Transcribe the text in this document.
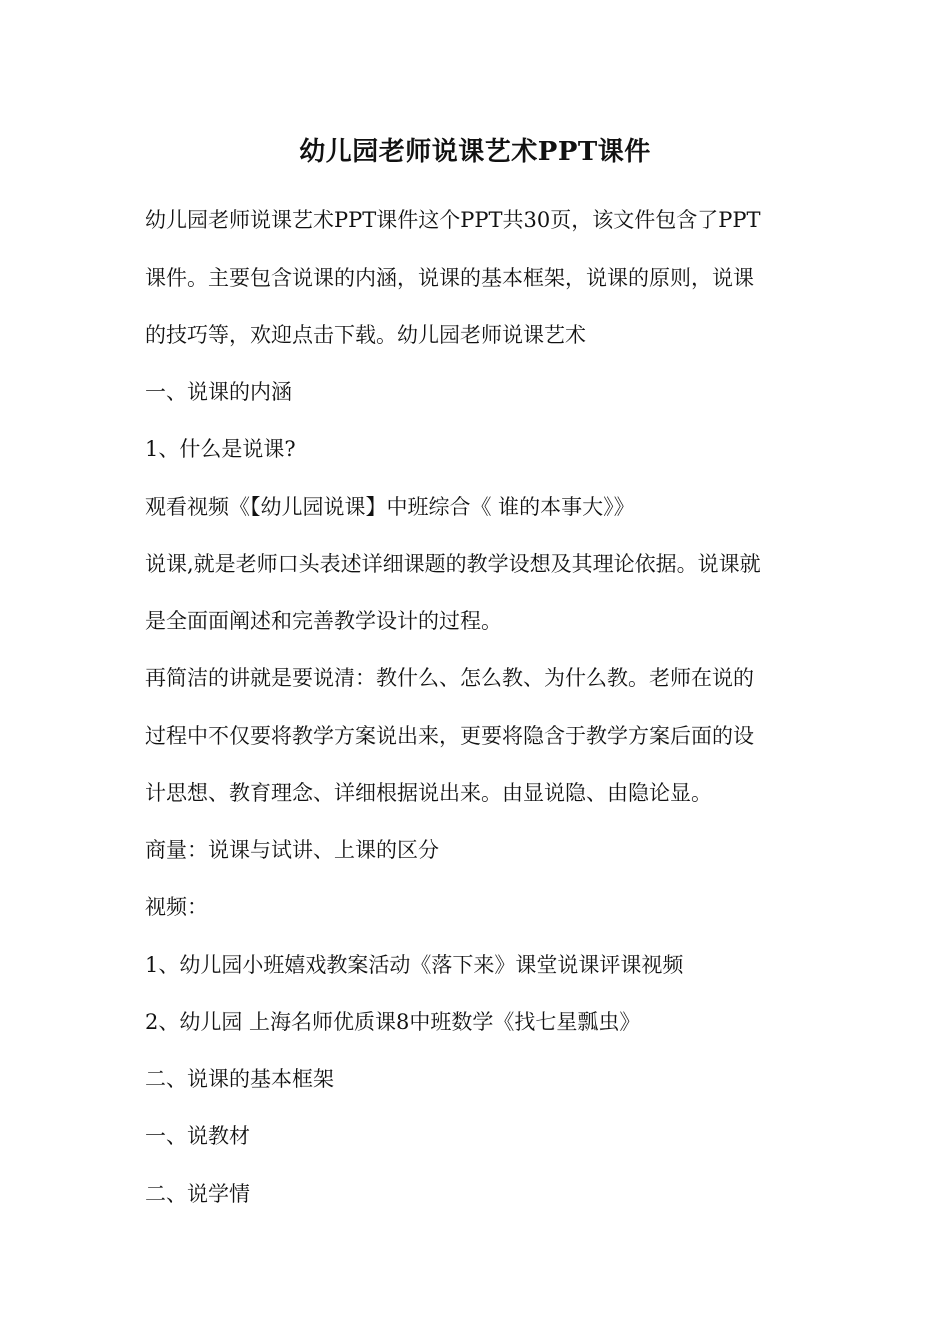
幼儿园老师说课艺术PPT课件
幼儿园老师说课艺术PPT课件这个PPT共30页，该文件包含了PPT
课件。主要包含说课的内涵，说课的基本框架，说课的原则，说课
的技巧等，欢迎点击下载。幼儿园老师说课艺术
一、说课的内涵
1、什么是说课?
观看视频《【幼儿园说课】中班综合《 谁的本事大》》
说课,就是老师口头表述详细课题的教学设想及其理论依据。说课就
是全面面阐述和完善教学设计的过程。
再简洁的讲就是要说清：教什么、怎么教、为什么教。老师在说的
过程中不仅要将教学方案说出来，更要将隐含于教学方案后面的设
计思想、教育理念、详细根据说出来。由显说隐、由隐论显。
商量：说课与试讲、上课的区分
视频：
1、幼儿园小班嬉戏教案活动《落下来》课堂说课评课视频
2、幼儿园 上海名师优质课8中班数学《找七星瓢虫》
二、说课的基本框架
一、说教材
二、说学情
